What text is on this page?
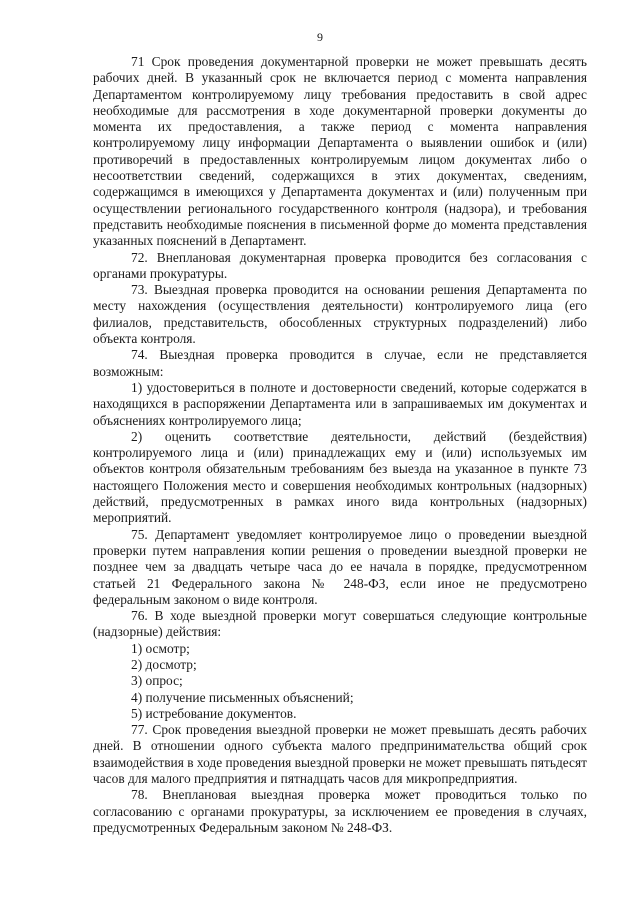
9

71 Срок проведения документарной проверки не может превышать десять рабочих дней. В указанный срок не включается период с момента направления Департаментом контролируемому лицу требования предоставить в свой адрес необходимые для рассмотрения в ходе документарной проверки документы до момента их предоставления, а также период с момента направления контролируемому лицу информации Департамента о выявлении ошибок и (или) противоречий в предоставленных контролируемым лицом документах либо о несоответствии сведений, содержащихся в этих документах, сведениям, содержащимся в имеющихся у Департамента документах и (или) полученным при осуществлении регионального государственного контроля (надзора), и требования представить необходимые пояснения в письменной форме до момента представления указанных пояснений в Департамент.

72. Внеплановая документарная проверка проводится без согласования с органами прокуратуры.

73. Выездная проверка проводится на основании решения Департамента по месту нахождения (осуществления деятельности) контролируемого лица (его филиалов, представительств, обособленных структурных подразделений) либо объекта контроля.

74. Выездная проверка проводится в случае, если не представляется возможным:

1) удостовериться в полноте и достоверности сведений, которые содержатся в находящихся в распоряжении Департамента или в запрашиваемых им документах и объяснениях контролируемого лица;

2) оценить соответствие деятельности, действий (бездействия) контролируемого лица и (или) принадлежащих ему и (или) используемых им объектов контроля обязательным требованиям без выезда на указанное в пункте 73 настоящего Положения место и совершения необходимых контрольных (надзорных) действий, предусмотренных в рамках иного вида контрольных (надзорных) мероприятий.

75. Департамент уведомляет контролируемое лицо о проведении выездной проверки путем направления копии решения о проведении выездной проверки не позднее чем за двадцать четыре часа до ее начала в порядке, предусмотренном статьей 21 Федерального закона № 248-ФЗ, если иное не предусмотрено федеральным законом о виде контроля.

76. В ходе выездной проверки могут совершаться следующие контрольные (надзорные) действия:

1) осмотр;

2) досмотр;

3) опрос;

4) получение письменных объяснений;

5) истребование документов.

77. Срок проведения выездной проверки не может превышать десять рабочих дней. В отношении одного субъекта малого предпринимательства общий срок взаимодействия в ходе проведения выездной проверки не может превышать пятьдесят часов для малого предприятия и пятнадцать часов для микропредприятия.

78. Внеплановая выездная проверка может проводиться только по согласованию с органами прокуратуры, за исключением ее проведения в случаях, предусмотренных Федеральным законом № 248-ФЗ.
